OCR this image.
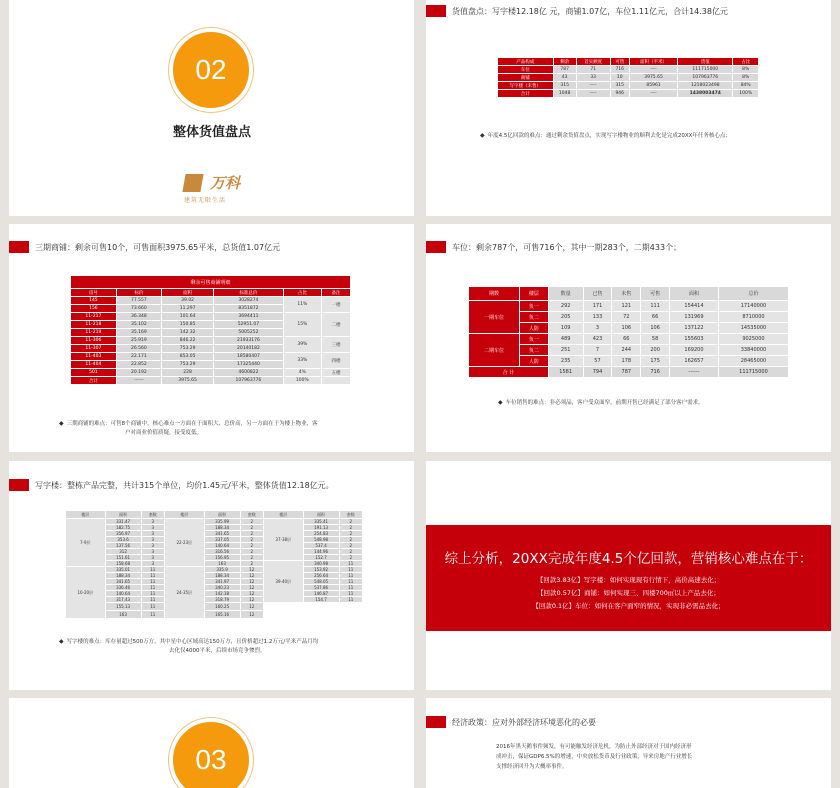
02
整体货值盘点
万科
建筑无限生活
货值盘点：写字楼12.18亿 元，商铺1.07亿，车位1.11亿元，合计14.38亿元
产品构成	剩余	首实额度	可售	面积（平米）	货值	占比
车位	787	71	716	----	111715000	8%
商铺	43	33	10	3975.65	107963776	8%
写字楼（未售）	315	----	315	85961	1218023498	84%
合计	1048	----	946	----	1438003474	100%
◆ 年度4.5亿回款的难点：通过剩余货值盘点，实现写字楼物业的顺利去化是完成20XX年任务核心点；
三期商铺：剩余可售10个，可售面积3975.65平米，总货值1.07亿元
剩余可售商铺明细					
房号	标价	面积	标准总价	占比	备注
145	77.557	39.02	3028274	11%	一楼
156	73.660	11.297	8351872		
11-217	36.348	101.64	3694411	15%	二楼
11-218	35.102	150.85	52951.07		
11-219	35.169	142.32	5005252		
11-306	25.919	846.22	21933176	39%	三楼
11-307	26.560	753.29	20140182		
11-403	22.171	853.05	18580407	33%	四楼
11-404	22.852	753.29	17325440		
501	20.192	228	4600822	4%	五楼
合计	------	3975.65	107963776	100%	
◆ 三期商铺的难点：可售8个商铺中，核心难点一方面在于面积大、总价高，另一方面在于为楼上物业，客
户对商业价值质疑，接受度低。
车位：剩余787个，可售716个，其中一期283个，二期433个；
期数	楼层	数量	已售	未售	可售	面积	总价
一期车位	负一	292	171	121	111	154414	17140000
	负二	205	133	72	66	131969	8710000
	人防	109	3	106	106	137122	14535000
二期车位	负一	489	423	66	58	155603	9025000
	负二	251	7	244	200	169200	33840000
	人防	235	57	178	175	162657	28465000
合 计		1581	794	787	716	------	111715000
◆ 车位销售的难点：非必须品，客户受众面窄，前期开售已经满足了部分客户需求。
写字楼：整栋产品完整，共计315个单位，均价1.45元/平米，整体货值12.18亿元。
楼层	面积	套数	楼层	面积	套数	楼层	面积	套数
7-9层	331.47	3	22-23层	335.99	2	37-38层	335.41	2
	182.75	3		188.34	2		191.13	2
	356.97	3		341.65	2		254.83	2
	353.6	3		337.05	2		548.98	2
	137.56	3		140.64	2		537.4	2
	312	3		316.56	2		144.96	2
	151.61	3		156.95	2		152.7	2
	158.68	3		163	2	39-40层	340.98	11
10-20层	335.01	11	24-35层	335.9	12		153.92	11
	188.34	11		188.34	12		256.64	11
	341.65	11		341.97	12		548.05	11
	336.46	11		340.23	12		537.86	11
	140.64	11		142.18	12		146.87	11
	317.43	11		318.79	12		154.7	11
	155.13	11		160.25	12			
	163	11		165.16	12			
◆ 写字楼的难点：库存量超过500万方，其中星中心区域高达150万方，且价格超过1.2万元/平米产品月均
去化仅4000平米，后续市场竞争惨烈。
综上分析，20XX完成年度4.5个亿回款，营销核心难点在于：
【回款3.83亿】写字楼：如何实现现有行情下，高价高速去化；
【回款0.57亿】商铺：如何实现三、四楼700㎡以上产品去化；
【回款0.1亿】车位：如何在客户面窄的情况，实现非必需品去化；
03
经济政策：应对外部经济环境恶化的必要
2016年黑天鹅事件频发，有可能触发经济危机，为防止外部经济对于国内经济形
成冲击，保证GDP6.5%的增速，中央放松货币及行业政策，导来房地产行业增长
支撑经济回升为大概率事件。
